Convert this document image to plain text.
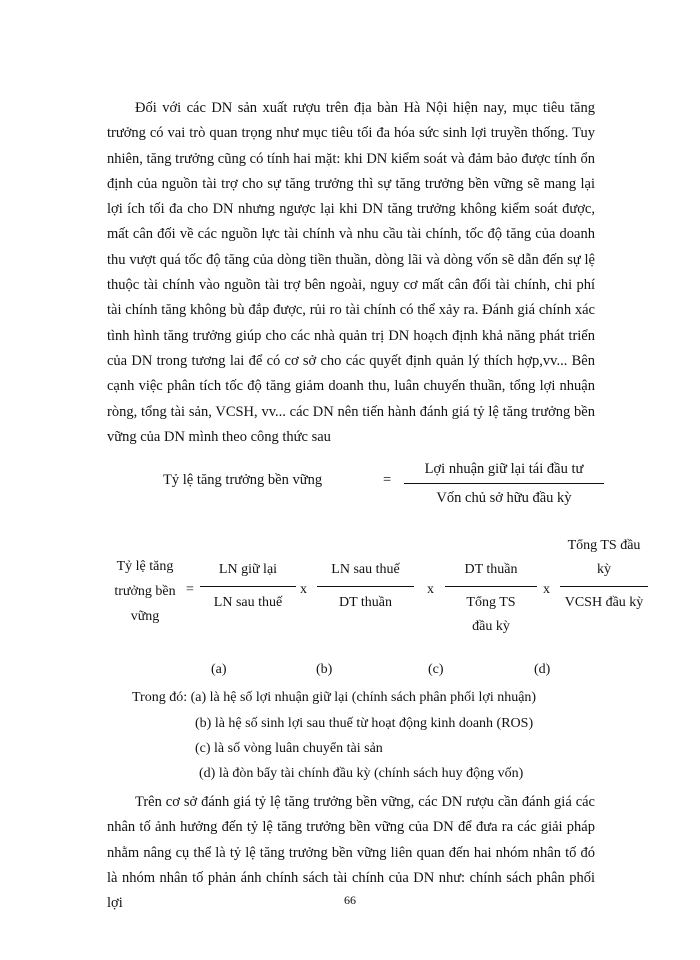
Đối với các DN sản xuất rượu trên địa bàn Hà Nội hiện nay, mục tiêu tăng trưởng có vai trò quan trọng như mục tiêu tối đa hóa sức sinh lợi truyền thống. Tuy nhiên, tăng trưởng cũng có tính hai mặt: khi DN kiểm soát và đảm bảo được tính ổn định của nguồn tài trợ cho sự tăng trưởng thì sự tăng trưởng bền vững sẽ mang lại lợi ích tối đa cho DN nhưng ngược lại khi DN tăng trưởng không kiểm soát được, mất cân đối về các nguồn lực tài chính và nhu cầu tài chính, tốc độ tăng của doanh thu vượt quá tốc độ tăng của dòng tiền thuần, dòng lãi và dòng vốn sẽ dẫn đến sự lệ thuộc tài chính vào nguồn tài trợ bên ngoài, nguy cơ mất cân đối tài chính, chi phí tài chính tăng không bù đắp được, rủi ro tài chính có thể xảy ra. Đánh giá chính xác tình hình tăng trưởng giúp cho các nhà quản trị DN hoạch định khả năng phát triển của DN trong tương lai để có cơ sở cho các quyết định quản lý thích hợp,vv... Bên cạnh việc phân tích tốc độ tăng giảm doanh thu, luân chuyển thuần, tổng lợi nhuận ròng, tổng tài sản, VCSH, vv... các DN nên tiến hành đánh giá tỷ lệ tăng trưởng bền vững của DN mình theo công thức sau

Tỷ lệ tăng trưởng bền vững	=
Lợi nhuận giữ lại tái đầu tư
Vốn chủ sở hữu đầu kỳ
Tỷ lệ tăng
trưởng bền
vững
=
LN giữ lại
LN sau thuế
x
LN sau thuế
DT thuần
x
DT thuần
Tổng TS đầu kỳ
x
Tổng TS đầu kỳ
VCSH đầu kỳ
(a)	(b)	(c)	(d)
Trong đó: (a) là hệ số lợi nhuận giữ lại (chính sách phân phối lợi nhuận)
(b) là hệ số sinh lợi sau thuế từ hoạt động kinh doanh (ROS)
(c) là số vòng luân chuyển tài sản
(d) là đòn bẩy tài chính đầu kỳ (chính sách huy động vốn)

Trên cơ sở đánh giá tỷ lệ tăng trưởng bền vững, các DN rượu cần đánh giá các nhân tố ảnh hưởng đến tỷ lệ tăng trưởng bền vững của DN để đưa ra các giải pháp nhằm nâng cụ thể là tỷ lệ tăng trưởng bền vững liên quan đến hai nhóm nhân tố đó là nhóm nhân tố phản ánh chính sách tài chính của DN như: chính sách phân phối lợi	66
